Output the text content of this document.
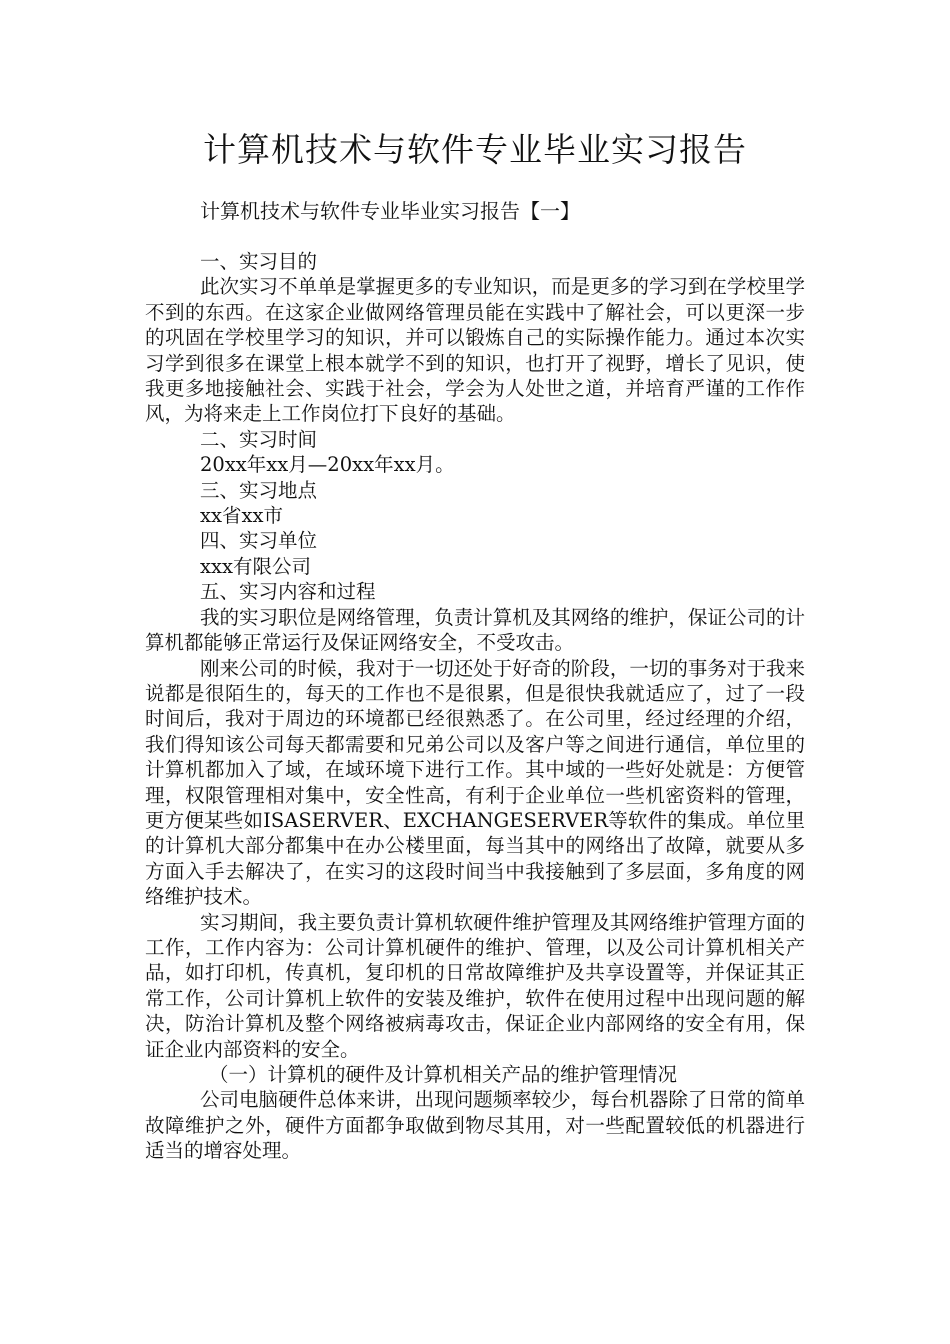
计算机技术与软件专业毕业实习报告
计算机技术与软件专业毕业实习报告【一】
一、实习目的

此次实习不单单是掌握更多的专业知识，而是更多的学习到在学校里学不到的东西。在这家企业做网络管理员能在实践中了解社会，可以更深一步的巩固在学校里学习的知识，并可以锻炼自己的实际操作能力。通过本次实习学到很多在课堂上根本就学不到的知识，也打开了视野，增长了见识，使我更多地接触社会、实践于社会，学会为人处世之道，并培育严谨的工作作风，为将来走上工作岗位打下良好的基础。

二、实习时间
20xx年xx月—20xx年xx月。
三、实习地点
xx省xx市
四、实习单位
xxx有限公司
五、实习内容和过程

我的实习职位是网络管理，负责计算机及其网络的维护，保证公司的计算机都能够正常运行及保证网络安全，不受攻击。

刚来公司的时候，我对于一切还处于好奇的阶段，一切的事务对于我来说都是很陌生的，每天的工作也不是很累，但是很快我就适应了，过了一段时间后，我对于周边的环境都已经很熟悉了。在公司里，经过经理的介绍，我们得知该公司每天都需要和兄弟公司以及客户等之间进行通信，单位里的计算机都加入了域，在域环境下进行工作。其中域的一些好处就是：方便管理，权限管理相对集中，安全性高，有利于企业单位一些机密资料的管理，更方便某些如ISASERVER、EXCHANGESERVER等软件的集成。单位里的计算机大部分都集中在办公楼里面，每当其中的网络出了故障，就要从多方面入手去解决了，在实习的这段时间当中我接触到了多层面，多角度的网络维护技术。

实习期间，我主要负责计算机软硬件维护管理及其网络维护管理方面的工作，工作内容为：公司计算机硬件的维护、管理，以及公司计算机相关产品，如打印机，传真机，复印机的日常故障维护及共享设置等，并保证其正常工作，公司计算机上软件的安装及维护，软件在使用过程中出现问题的解决，防治计算机及整个网络被病毒攻击，保证企业内部网络的安全有用，保证企业内部资料的安全。

（一）计算机的硬件及计算机相关产品的维护管理情况

公司电脑硬件总体来讲，出现问题频率较少，每台机器除了日常的简单故障维护之外，硬件方面都争取做到物尽其用，对一些配置较低的机器进行适当的增容处理。
